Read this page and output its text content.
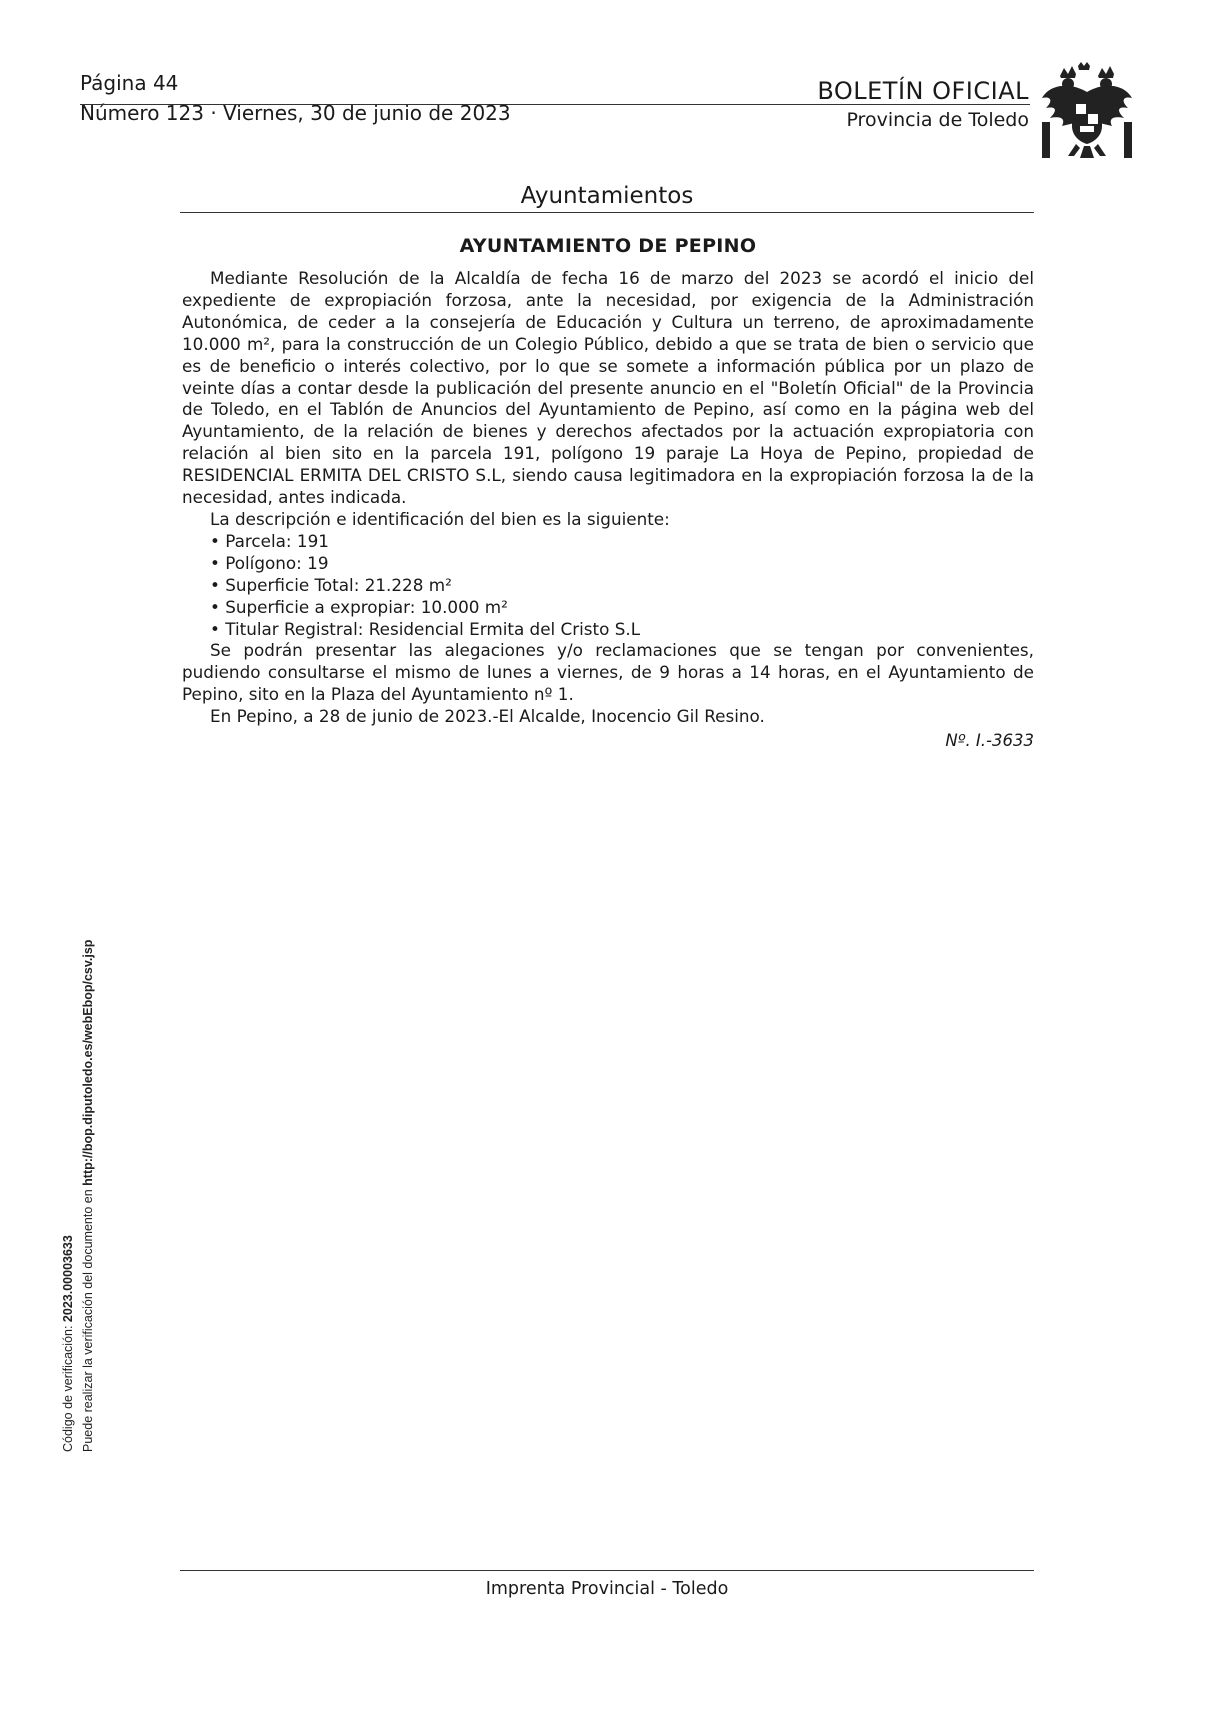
Página 44
Número 123 · Viernes, 30 de junio de 2023
BOLETÍN OFICIAL
Provincia de Toledo
Ayuntamientos
AYUNTAMIENTO DE PEPINO

Mediante Resolución de la Alcaldía de fecha 16 de marzo del 2023 se acordó el inicio del expediente de expropiación forzosa, ante la necesidad, por exigencia de la Administración Autonómica, de ceder a la consejería de Educación y Cultura un terreno, de aproximadamente 10.000 m², para la construcción de un Colegio Público, debido a que se trata de bien o servicio que es de beneficio o interés colectivo, por lo que se somete a información pública por un plazo de veinte días a contar desde la publicación del presente anuncio en el "Boletín Oficial" de la Provincia de Toledo, en el Tablón de Anuncios del Ayuntamiento de Pepino, así como en la página web del Ayuntamiento, de la relación de bienes y derechos afectados por la actuación expropiatoria con relación al bien sito en la parcela 191, polígono 19 paraje La Hoya de Pepino, propiedad de RESIDENCIAL ERMITA DEL CRISTO S.L, siendo causa legitimadora en la expropiación forzosa la de la necesidad, antes indicada.

La descripción e identificación del bien es la siguiente:

• Parcela: 191

• Polígono: 19

• Superficie Total: 21.228 m²

• Superficie a expropiar: 10.000 m²

• Titular Registral: Residencial Ermita del Cristo S.L

Se podrán presentar las alegaciones y/o reclamaciones que se tengan por convenientes, pudiendo consultarse el mismo de lunes a viernes, de 9 horas a 14 horas, en el Ayuntamiento de Pepino, sito en la Plaza del Ayuntamiento nº 1.

En Pepino, a 28 de junio de 2023.-El Alcalde, Inocencio Gil Resino.

Nº. I.-3633
Código de verificación: 2023.00003633 Puede realizar la verificación del documento en http://bop.diputoledo.es/webEbop/csv.jsp
Imprenta Provincial - Toledo
